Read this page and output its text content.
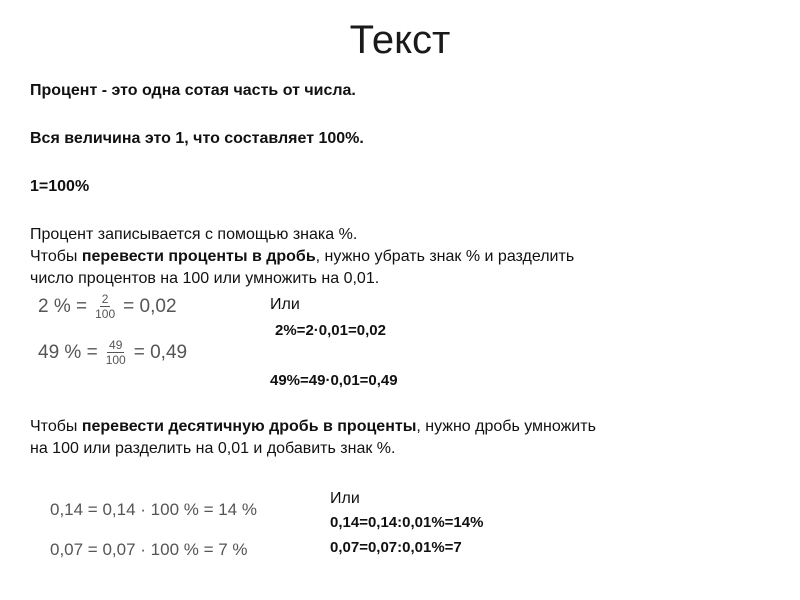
Текст
Процент - это одна сотая часть от числа.
Вся величина это 1, что составляет 100%.
1=100%
Процент записывается с помощью знака %.
Чтобы перевести проценты в дробь, нужно убрать знак % и разделить
число процентов на 100 или умножить на 0,01.
2 % = $\frac{2}{100} = 0,02$
49 % = $\frac{49}{100} = 0,49$
Или
2%=2·0,01=0,02
49%=49·0,01=0,49
Чтобы перевести десятичную дробь в проценты, нужно дробь умножить
на 100 или разделить на 0,01 и добавить знак %.
0,14 = 0,14 · 100 % = 14 %
0,07 = 0,07 · 100 % = 7 %
Или
0,14=0,14:0,01%=14%
0,07=0,07:0,01%=7
